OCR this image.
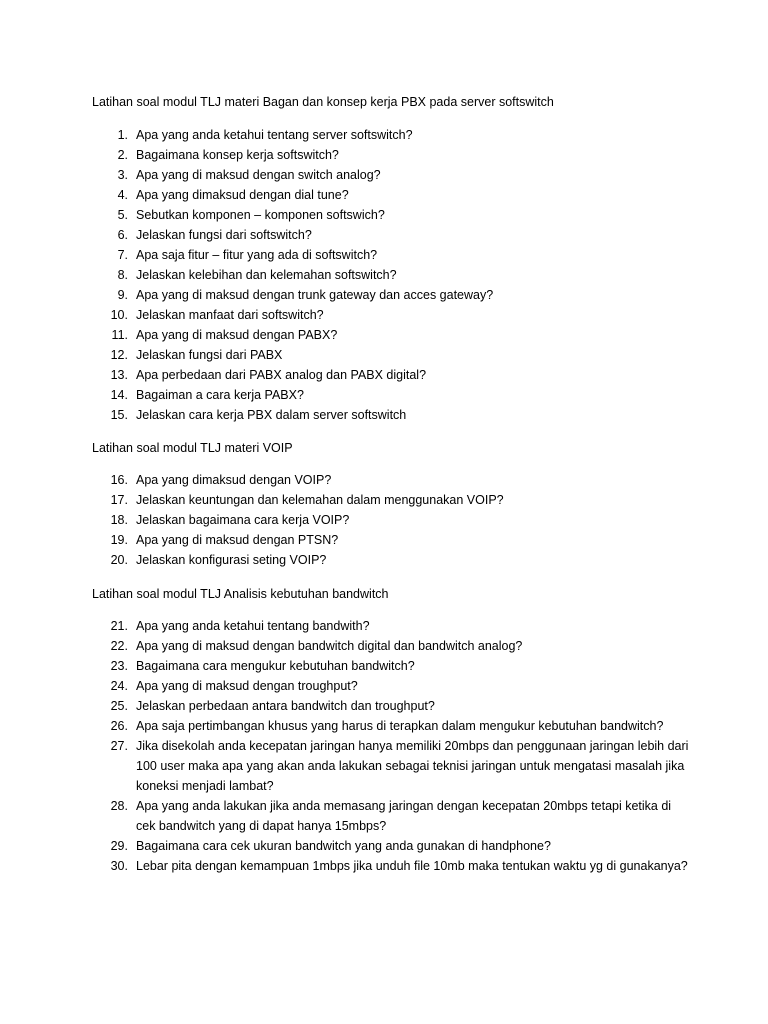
Latihan soal modul TLJ materi Bagan dan konsep kerja PBX pada server softswitch
1. Apa yang anda ketahui tentang server softswitch?
2. Bagaimana konsep kerja softswitch?
3. Apa yang di maksud dengan switch analog?
4. Apa yang dimaksud dengan dial tune?
5. Sebutkan komponen – komponen softswich?
6. Jelaskan fungsi dari softswitch?
7. Apa saja fitur – fitur yang ada di softswitch?
8. Jelaskan kelebihan dan kelemahan softswitch?
9. Apa yang di maksud dengan trunk gateway dan acces gateway?
10. Jelaskan manfaat dari softswitch?
11. Apa yang di maksud dengan PABX?
12. Jelaskan fungsi dari PABX
13. Apa perbedaan dari PABX analog dan PABX digital?
14. Bagaiman a cara kerja PABX?
15. Jelaskan cara kerja PBX dalam server softswitch
Latihan soal modul TLJ materi VOIP
16. Apa yang dimaksud dengan VOIP?
17. Jelaskan keuntungan dan kelemahan dalam menggunakan VOIP?
18. Jelaskan bagaimana cara kerja VOIP?
19. Apa yang di maksud dengan PTSN?
20. Jelaskan konfigurasi seting VOIP?
Latihan soal modul TLJ Analisis kebutuhan bandwitch
21. Apa yang anda ketahui tentang bandwith?
22. Apa yang di maksud dengan bandwitch digital dan bandwitch analog?
23. Bagaimana cara mengukur kebutuhan bandwitch?
24. Apa yang di maksud dengan troughput?
25. Jelaskan perbedaan antara bandwitch dan troughput?
26. Apa saja pertimbangan khusus yang harus di terapkan dalam mengukur kebutuhan bandwitch?
27. Jika disekolah anda kecepatan jaringan hanya memiliki 20mbps dan penggunaan jaringan lebih dari 100 user maka apa yang akan anda lakukan sebagai teknisi jaringan untuk mengatasi masalah jika koneksi menjadi lambat?
28. Apa yang anda lakukan jika anda memasang jaringan dengan kecepatan 20mbps tetapi ketika di cek bandwitch yang di dapat hanya 15mbps?
29. Bagaimana cara cek ukuran bandwitch yang anda gunakan di handphone?
30. Lebar pita dengan kemampuan 1mbps jika unduh file 10mb maka tentukan waktu yg di gunakanya?
